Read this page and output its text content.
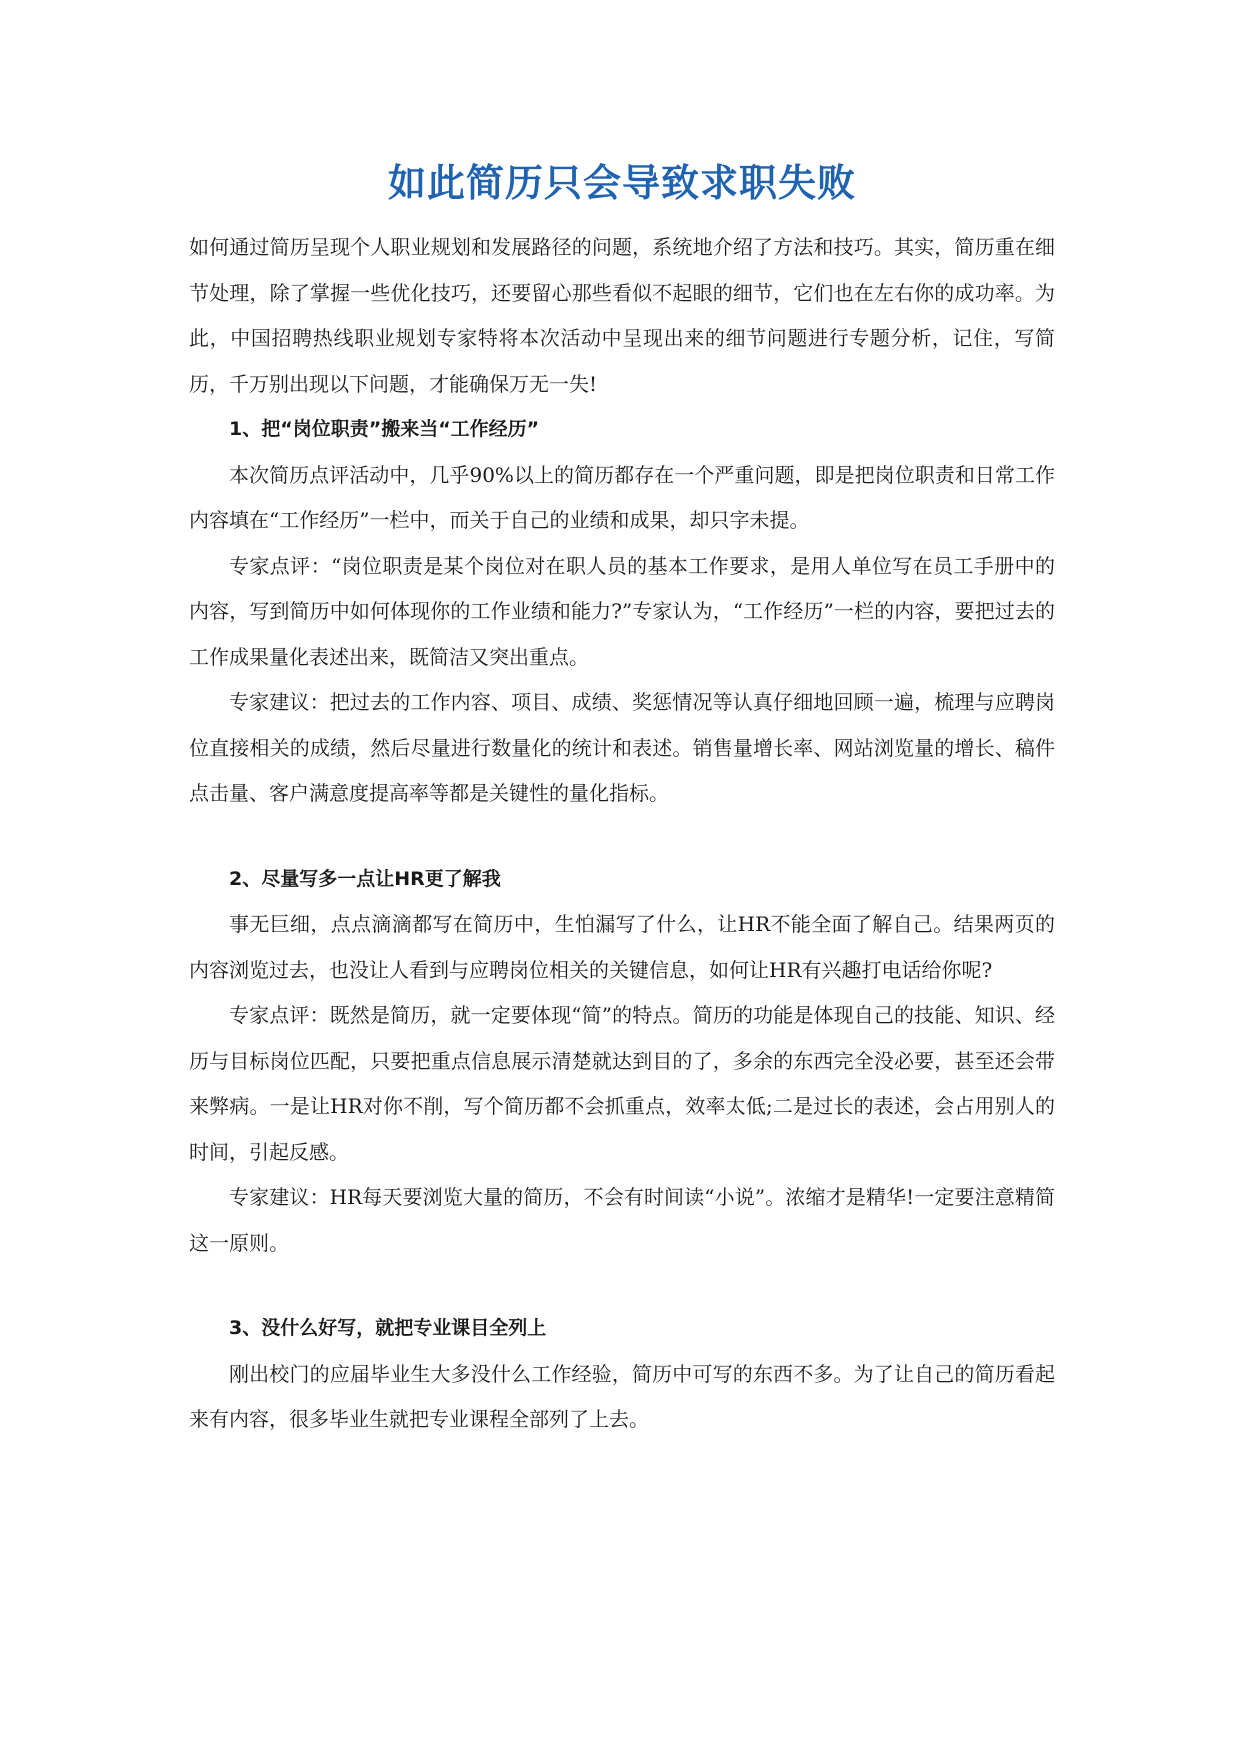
如此简历只会导致求职失败

如何通过简历呈现个人职业规划和发展路径的问题，系统地介绍了方法和技巧。其实，简历重在细节处理，除了掌握一些优化技巧，还要留心那些看似不起眼的细节，它们也在左右你的成功率。为此，中国招聘热线职业规划专家特将本次活动中呈现出来的细节问题进行专题分析，记住，写简历，千万别出现以下问题，才能确保万无一失!

1、把“岗位职责”搬来当“工作经历”

本次简历点评活动中，几乎90%以上的简历都存在一个严重问题，即是把岗位职责和日常工作内容填在“工作经历”一栏中，而关于自己的业绩和成果，却只字未提。

专家点评：“岗位职责是某个岗位对在职人员的基本工作要求，是用人单位写在员工手册中的内容，写到简历中如何体现你的工作业绩和能力?”专家认为，“工作经历”一栏的内容，要把过去的工作成果量化表述出来，既简洁又突出重点。

专家建议：把过去的工作内容、项目、成绩、奖惩情况等认真仔细地回顾一遍，梳理与应聘岗位直接相关的成绩，然后尽量进行数量化的统计和表述。销售量增长率、网站浏览量的增长、稿件点击量、客户满意度提高率等都是关键性的量化指标。

2、尽量写多一点让HR更了解我

事无巨细，点点滴滴都写在简历中，生怕漏写了什么，让HR不能全面了解自己。结果两页的内容浏览过去，也没让人看到与应聘岗位相关的关键信息，如何让HR有兴趣打电话给你呢?

专家点评：既然是简历，就一定要体现“简”的特点。简历的功能是体现自己的技能、知识、经历与目标岗位匹配，只要把重点信息展示清楚就达到目的了，多余的东西完全没必要，甚至还会带来弊病。一是让HR对你不削，写个简历都不会抓重点，效率太低;二是过长的表述，会占用别人的时间，引起反感。

专家建议：HR每天要浏览大量的简历，不会有时间读“小说”。浓缩才是精华!一定要注意精简这一原则。

3、没什么好写，就把专业课目全列上

刚出校门的应届毕业生大多没什么工作经验，简历中可写的东西不多。为了让自己的简历看起来有内容，很多毕业生就把专业课程全部列了上去。
